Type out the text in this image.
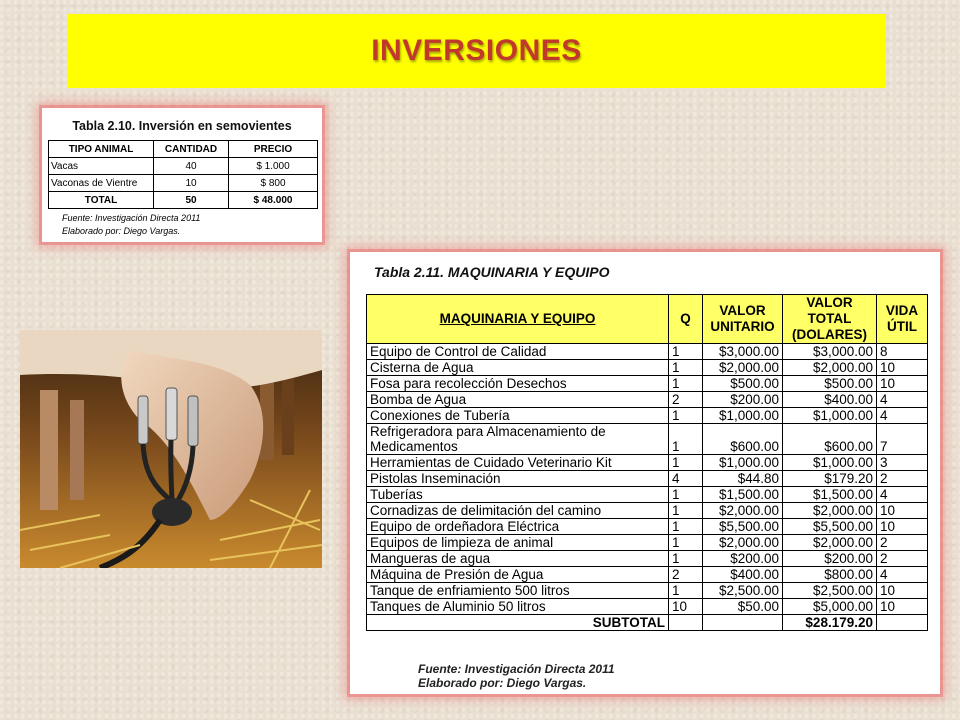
INVERSIONES
Tabla 2.10. Inversión en semovientes
TIPO ANIMAL	CANTIDAD	PRECIO
Vacas	40	$ 1.000
Vaconas de Vientre	10	$ 800
TOTAL	50	$ 48.000
Fuente: Investigación Directa 2011
Elaborado por: Diego Vargas.
Tabla 2.11. MAQUINARIA Y EQUIPO
MAQUINARIA Y EQUIPO	Q	VALOR UNITARIO	VALOR TOTAL (DOLARES)	VIDA ÚTIL
Equipo de Control de Calidad	1	$3,000.00	$3,000.00	8
Cisterna de Agua	1	$2,000.00	$2,000.00	10
Fosa para recolección Desechos	1	$500.00	$500.00	10
Bomba de Agua	2	$200.00	$400.00	4
Conexiones de Tubería	1	$1,000.00	$1,000.00	4
Refrigeradora para Almacenamiento de Medicamentos	1	$600.00	$600.00	7
Herramientas de Cuidado Veterinario Kit	1	$1,000.00	$1,000.00	3
Pistolas Inseminación	4	$44.80	$179.20	2
Tuberías	1	$1,500.00	$1,500.00	4
Cornadizas de delimitación del camino	1	$2,000.00	$2,000.00	10
Equipo de ordeñadora Eléctrica	1	$5,500.00	$5,500.00	10
Equipos de limpieza de animal	1	$2,000.00	$2,000.00	2
Mangueras de agua	1	$200.00	$200.00	2
Máquina de Presión de Agua	2	$400.00	$800.00	4
Tanque de enfriamiento 500 litros	1	$2,500.00	$2,500.00	10
Tanques de Aluminio 50 litros	10	$50.00	$5,000.00	10
SUBTOTAL			$28.179.20	
Fuente: Investigación Directa 2011
Elaborado por: Diego Vargas.
